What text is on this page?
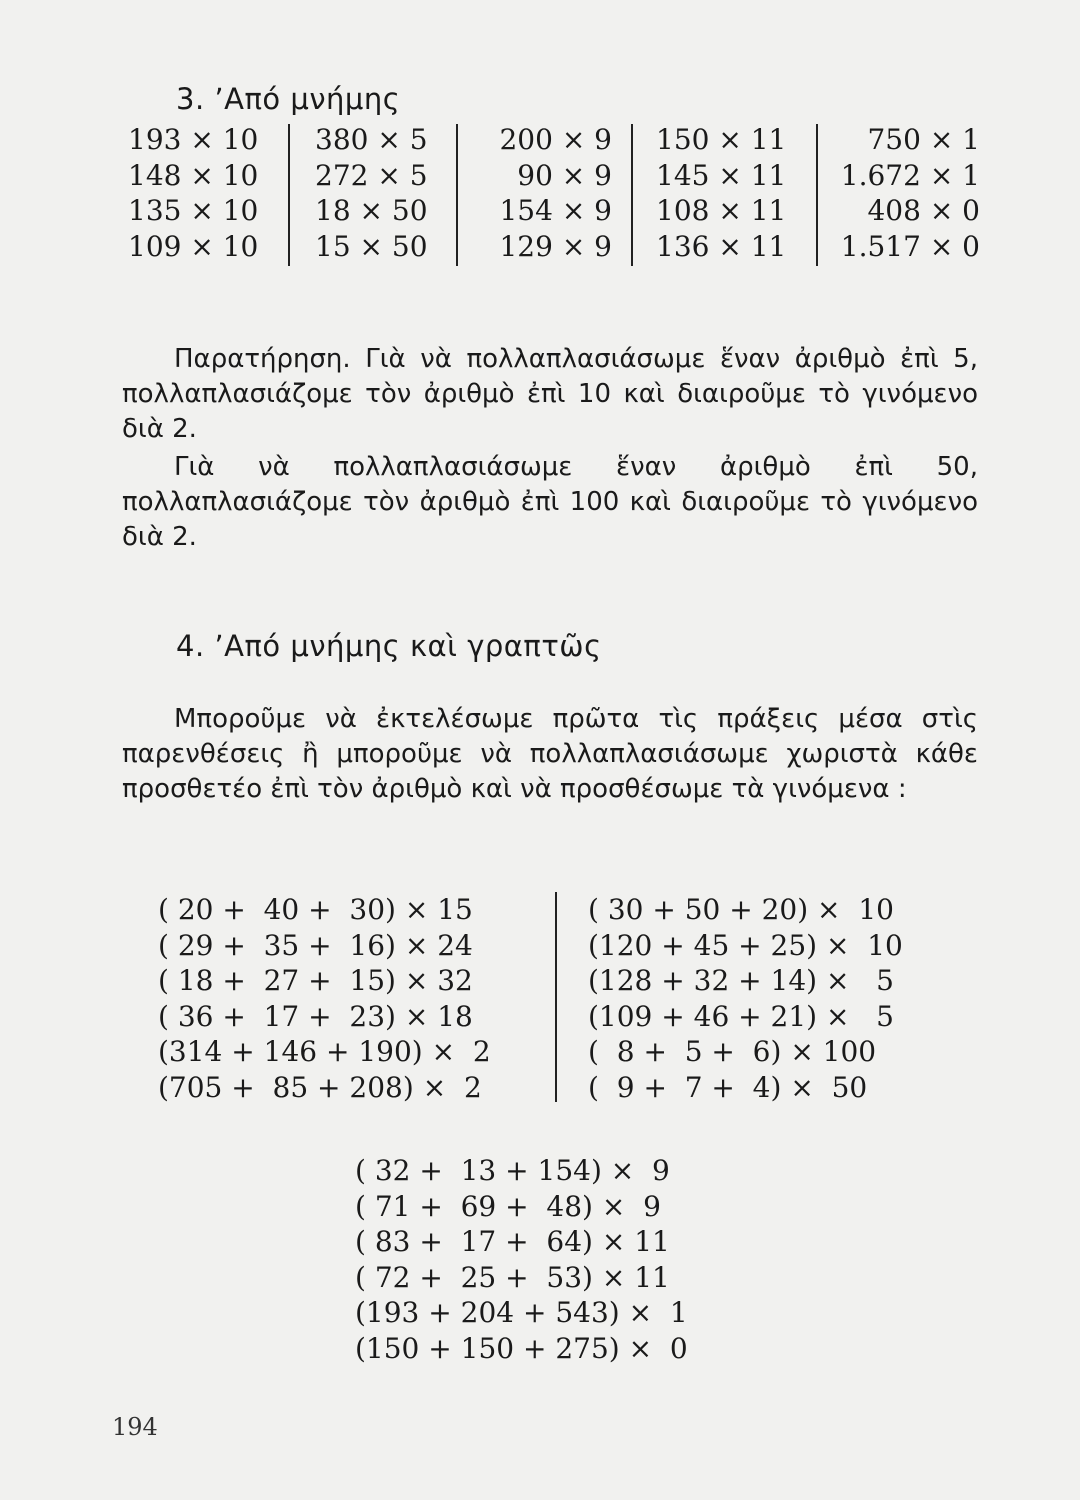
3. ’Από μνήμης
193 × 10
148 × 10
135 × 10
109 × 10
380 × 5
272 × 5
18 × 50
15 × 50
200 × 9
90 × 9
154 × 9
129 × 9
150 × 11
145 × 11
108 × 11
136 × 11
750 × 1
1.672 × 1
408 × 0
1.517 × 0
Παρατήρηση. Γιὰ νὰ πολλαπλασιάσωμε ἕναν ἀριθμὸ ἐπὶ 5, πολλαπλασιάζομε τὸν ἀριθμὸ ἐπὶ 10 καὶ διαιροῦμε τὸ γινόμενο διὰ 2.
Γιὰ νὰ πολλαπλασιάσωμε ἕναν ἀριθμὸ ἐπὶ 50, πολλαπλασιάζομε τὸν ἀριθμὸ ἐπὶ 100 καὶ διαιροῦμε τὸ γινόμενο διὰ 2.
4. ’Από μνήμης καὶ γραπτῶς
Μποροῦμε νὰ ἐκτελέσωμε πρῶτα τὶς πράξεις μέσα στὶς παρενθέσεις ἢ μποροῦμε νὰ πολλαπλασιάσωμε χωριστὰ κάθε προσθετέο ἐπὶ τὸν ἀριθμὸ καὶ νὰ προσθέσωμε τὰ γινόμενα :
( 20 +  40 +  30) × 15
( 29 +  35 +  16) × 24
( 18 +  27 +  15) × 32
( 36 +  17 +  23) × 18
(314 + 146 + 190) ×  2
(705 +  85 + 208) ×  2
( 30 + 50 + 20) ×  10
(120 + 45 + 25) ×  10
(128 + 32 + 14) ×   5
(109 + 46 + 21) ×   5
(  8 +  5 +  6) × 100
(  9 +  7 +  4) ×  50
( 32 +  13 + 154) ×  9
( 71 +  69 +  48) ×  9
( 83 +  17 +  64) × 11
( 72 +  25 +  53) × 11
(193 + 204 + 543) ×  1
(150 + 150 + 275) ×  0
194
